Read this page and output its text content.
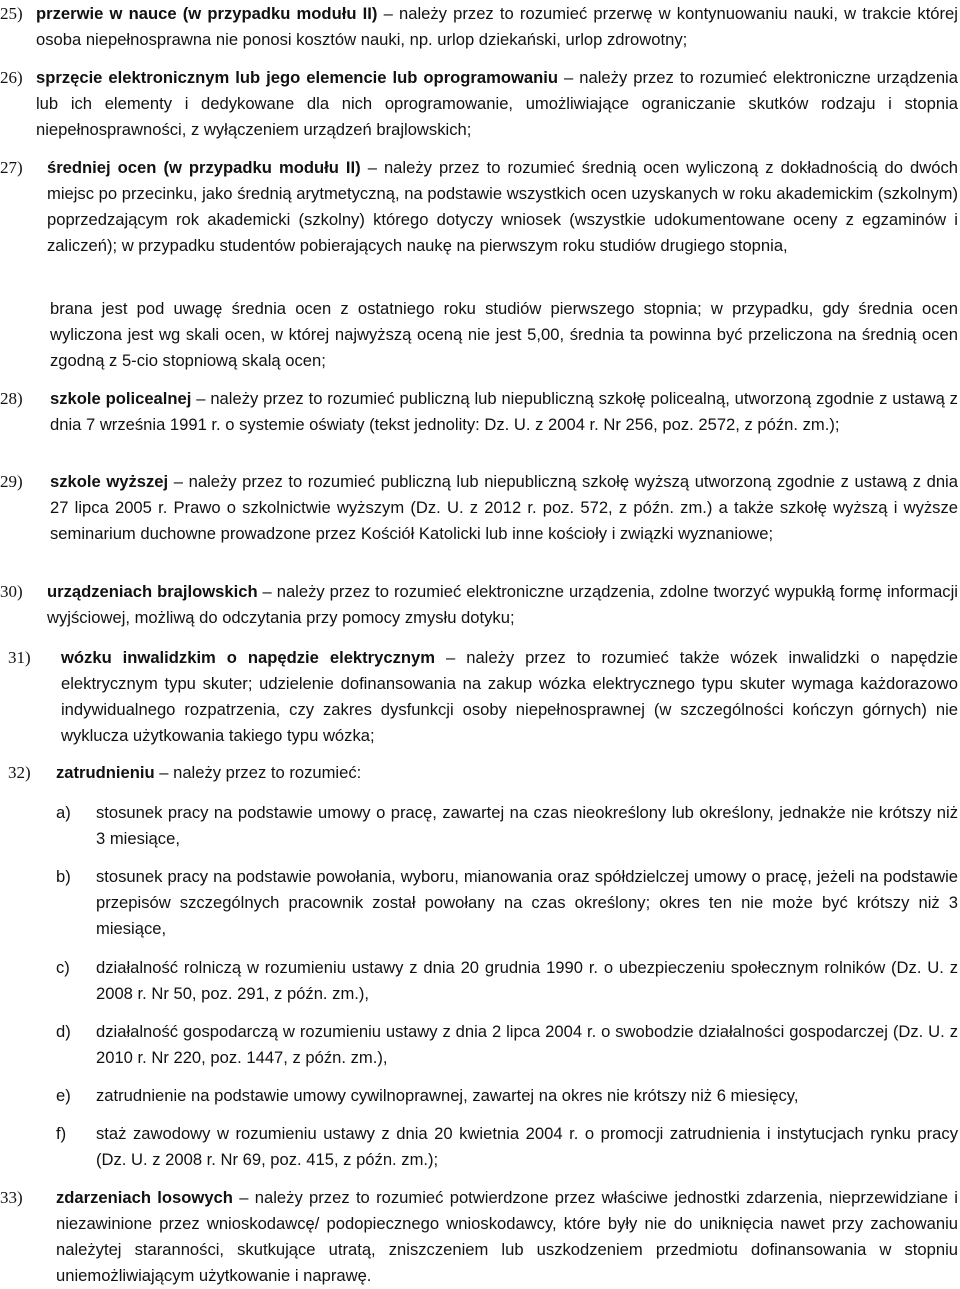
25) przerwie w nauce (w przypadku modułu II) – należy przez to rozumieć przerwę w kontynuowaniu nauki, w trakcie której osoba niepełnosprawna nie ponosi kosztów nauki, np. urlop dziekański, urlop zdrowotny;

26) sprzęcie elektronicznym lub jego elemencie lub oprogramowaniu – należy przez to rozumieć elektroniczne urządzenia lub ich elementy i dedykowane dla nich oprogramowanie, umożliwiające ograniczanie skutków rodzaju i stopnia niepełnosprawności, z wyłączeniem urządzeń brajlowskich;

27) średniej ocen (w przypadku modułu II) – należy przez to rozumieć średnią ocen wyliczoną z dokładnością do dwóch miejsc po przecinku, jako średnią arytmetyczną, na podstawie wszystkich ocen uzyskanych w roku akademickim (szkolnym) poprzedzającym rok akademicki (szkolny) którego dotyczy wniosek (wszystkie udokumentowane oceny z egzaminów i zaliczeń); w przypadku studentów pobierających naukę na pierwszym roku studiów drugiego stopnia,

brana jest pod uwagę średnia ocen z ostatniego roku studiów pierwszego stopnia; w przypadku, gdy średnia ocen wyliczona jest wg skali ocen, w której najwyższą oceną nie jest 5,00, średnia ta powinna być przeliczona na średnią ocen zgodną z 5-cio stopniową skalą ocen;
28) szkole policealnej – należy przez to rozumieć publiczną lub niepubliczną szkołę policealną, utworzoną zgodnie z ustawą z dnia 7 września 1991 r. o systemie oświaty (tekst jednolity: Dz. U. z 2004 r. Nr 256, poz. 2572, z późn. zm.);

29) szkole wyższej – należy przez to rozumieć publiczną lub niepubliczną szkołę wyższą utworzoną zgodnie z ustawą z dnia 27 lipca 2005 r. Prawo o szkolnictwie wyższym (Dz. U. z 2012 r. poz. 572, z późn. zm.) a także szkołę wyższą i wyższe seminarium duchowne prowadzone przez Kościół Katolicki lub inne kościoły i związki wyznaniowe;

30) urządzeniach brajlowskich – należy przez to rozumieć elektroniczne urządzenia, zdolne tworzyć wypukłą formę informacji wyjściowej, możliwą do odczytania przy pomocy zmysłu dotyku;

31) wózku inwalidzkim o napędzie elektrycznym – należy przez to rozumieć także wózek inwalidzki o napędzie elektrycznym typu skuter; udzielenie dofinansowania na zakup wózka elektrycznego typu skuter wymaga każdorazowo indywidualnego rozpatrzenia, czy zakres dysfunkcji osoby niepełnosprawnej (w szczególności kończyn górnych) nie wyklucza użytkowania takiego typu wózka;

32) zatrudnieniu – należy przez to rozumieć:

a) stosunek pracy na podstawie umowy o pracę, zawartej na czas nieokreślony lub określony, jednakże nie krótszy niż 3 miesiące,
b) stosunek pracy na podstawie powołania, wyboru, mianowania oraz spółdzielczej umowy o pracę, jeżeli na podstawie przepisów szczególnych pracownik został powołany na czas określony; okres ten nie może być krótszy niż 3 miesiące,
c) działalność rolniczą w rozumieniu ustawy z dnia 20 grudnia 1990 r. o ubezpieczeniu społecznym rolników (Dz. U. z 2008 r. Nr 50, poz. 291, z późn. zm.),
d) działalność gospodarczą w rozumieniu ustawy z dnia 2 lipca 2004 r. o swobodzie działalności gospodarczej (Dz. U. z 2010 r. Nr 220, poz. 1447, z późn. zm.),
e) zatrudnienie na podstawie umowy cywilnoprawnej, zawartej na okres nie krótszy niż 6 miesięcy,
f) staż zawodowy w rozumieniu ustawy z dnia 20 kwietnia 2004 r. o promocji zatrudnienia i instytucjach rynku pracy (Dz. U. z 2008 r. Nr 69, poz. 415, z późn. zm.);
33) zdarzeniach losowych – należy przez to rozumieć potwierdzone przez właściwe jednostki zdarzenia, nieprzewidziane i niezawinione przez wnioskodawcę/ podopiecznego wnioskodawcy, które były nie do uniknięcia nawet przy zachowaniu należytej staranności, skutkujące utratą, zniszczeniem lub uszkodzeniem przedmiotu dofinansowania w stopniu uniemożliwiającym użytkowanie i naprawę.
